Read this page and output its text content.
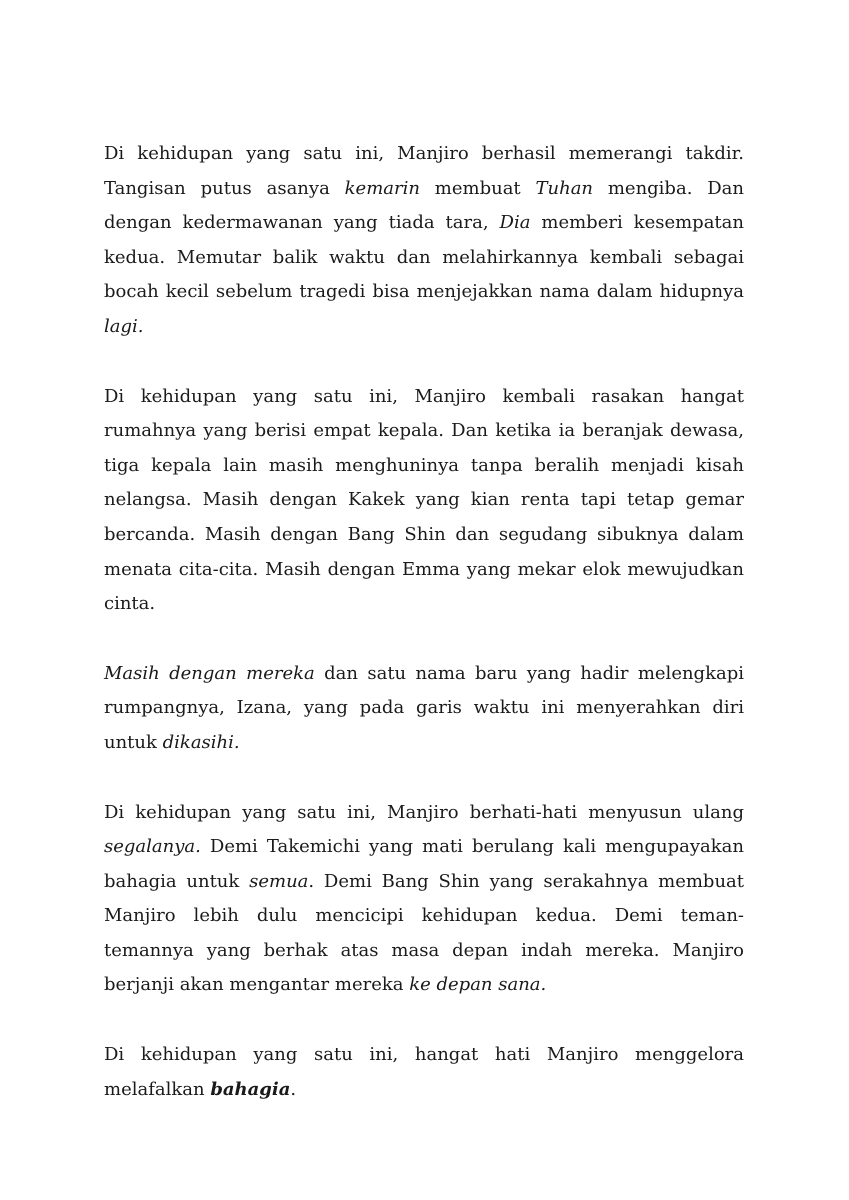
Di kehidupan yang satu ini, Manjiro berhasil memerangi takdir. Tangisan putus asanya kemarin membuat Tuhan mengiba. Dan dengan kedermawanan yang tiada tara, Dia memberi kesempatan kedua. Memutar balik waktu dan melahirkannya kembali sebagai bocah kecil sebelum tragedi bisa menjejakkan nama dalam hidupnya lagi.

Di kehidupan yang satu ini, Manjiro kembali rasakan hangat rumahnya yang berisi empat kepala. Dan ketika ia beranjak dewasa, tiga kepala lain masih menghuninya tanpa beralih menjadi kisah nelangsa. Masih dengan Kakek yang kian renta tapi tetap gemar bercanda. Masih dengan Bang Shin dan segudang sibuknya dalam menata cita-cita. Masih dengan Emma yang mekar elok mewujudkan cinta.

Masih dengan mereka dan satu nama baru yang hadir melengkapi rumpangnya, Izana, yang pada garis waktu ini menyerahkan diri untuk dikasihi.

Di kehidupan yang satu ini, Manjiro berhati-hati menyusun ulang segalanya. Demi Takemichi yang mati berulang kali mengupayakan bahagia untuk semua. Demi Bang Shin yang serakahnya membuat Manjiro lebih dulu mencicipi kehidupan kedua. Demi teman-temannya yang berhak atas masa depan indah mereka. Manjiro berjanji akan mengantar mereka ke depan sana.

Di kehidupan yang satu ini, hangat hati Manjiro menggelora melafalkan bahagia.
